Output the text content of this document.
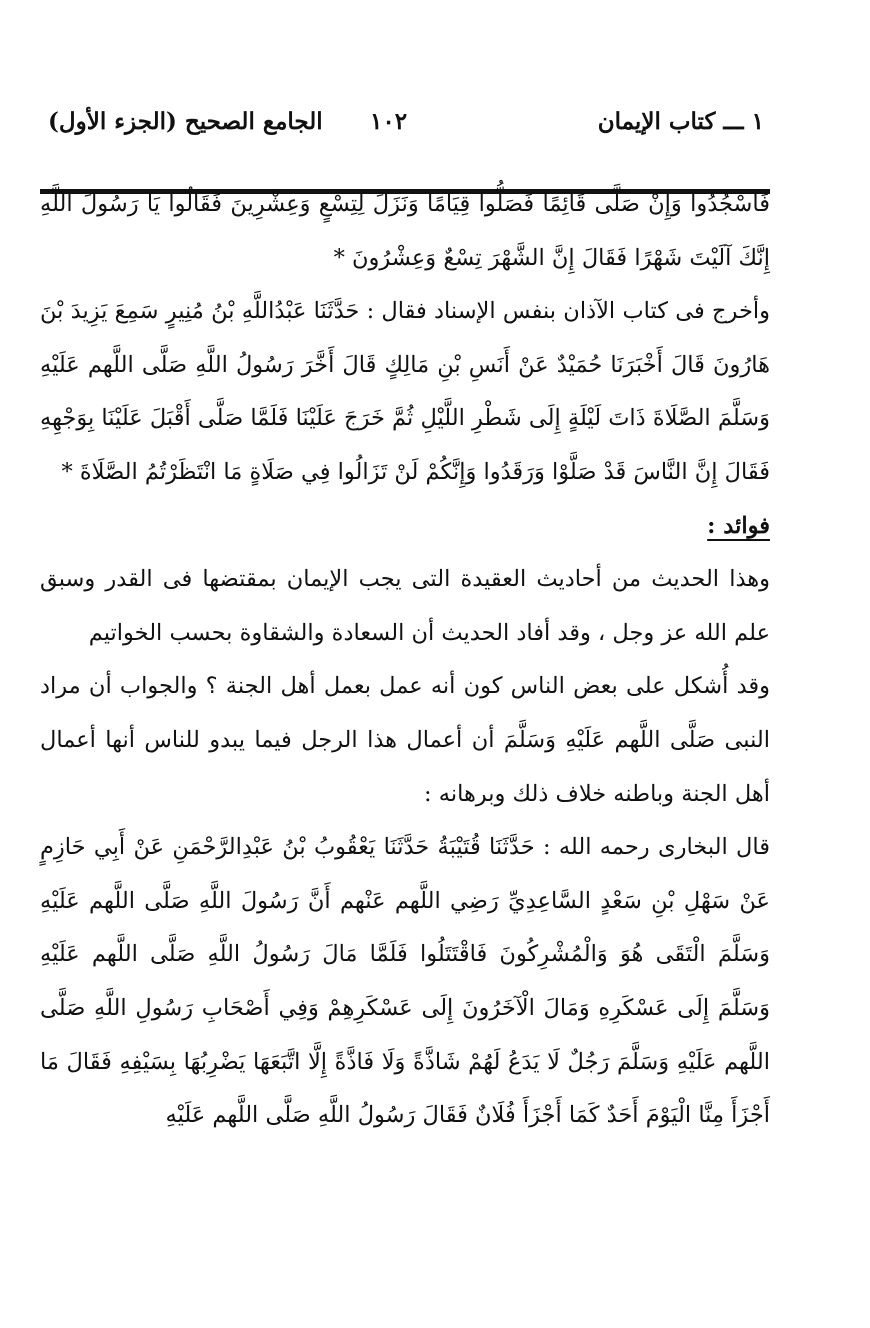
١ ـــ كتاب الإيمان
١٠٢
الجامع الصحيح (الجزء الأول)

فَاسْجُدُوا وَإِنْ صَلَّى قَائِمًا فَصَلُّوا قِيَامًا وَنَزَلَ لِتِسْعٍ وَعِشْرِينَ فَقَالُوا يَا رَسُولَ اللَّهِ إِنَّكَ آلَيْتَ شَهْرًا فَقَالَ إِنَّ الشَّهْرَ تِسْعٌ وَعِشْرُونَ *

وأخرج فى كتاب الآذان بنفس الإسناد فقال : حَدَّثَنَا عَبْدُاللَّهِ بْنُ مُنِيرٍ سَمِعَ يَزِيدَ بْنَ هَارُونَ قَالَ أَخْبَرَنَا حُمَيْدٌ عَنْ أَنَسِ بْنِ مَالِكٍ قَالَ أَخَّرَ رَسُولُ اللَّهِ صَلَّى اللَّهم عَلَيْهِ وَسَلَّمَ الصَّلَاةَ ذَاتَ لَيْلَةٍ إِلَى شَطْرِ اللَّيْلِ ثُمَّ خَرَجَ عَلَيْنَا فَلَمَّا صَلَّى أَقْبَلَ عَلَيْنَا بِوَجْهِهِ فَقَالَ إِنَّ النَّاسَ قَدْ صَلَّوْا وَرَقَدُوا وَإِنَّكُمْ لَنْ تَزَالُوا فِي صَلَاةٍ مَا انْتَظَرْتُمُ الصَّلَاةَ *

فوائد :

وهذا الحديث من أحاديث العقيدة التى يجب الإيمان بمقتضها فى القدر وسبق علم الله عز وجل ، وقد أفاد الحديث أن السعادة والشقاوة بحسب الخواتيم

وقد أُشكل على بعض الناس كون أنه عمل بعمل أهل الجنة ؟ والجواب أن مراد النبى صَلَّى اللَّهم عَلَيْهِ وَسَلَّمَ أن أعمال هذا الرجل فيما يبدو للناس أنها أعمال أهل الجنة وباطنه خلاف ذلك وبرهانه :

قال البخارى رحمه الله : حَدَّثَنَا قُتَيْبَةُ حَدَّثَنَا يَعْقُوبُ بْنُ عَبْدِالرَّحْمَنِ عَنْ أَبِي حَازِمٍ عَنْ سَهْلِ بْنِ سَعْدٍ السَّاعِدِيِّ رَضِي اللَّهم عَنْهم أَنَّ رَسُولَ اللَّهِ صَلَّى اللَّهم عَلَيْهِ وَسَلَّمَ الْتَقَى هُوَ وَالْمُشْرِكُونَ فَاقْتَتَلُوا فَلَمَّا مَالَ رَسُولُ اللَّهِ صَلَّى اللَّهم عَلَيْهِ وَسَلَّمَ إِلَى عَسْكَرِهِ وَمَالَ الْآخَرُونَ إِلَى عَسْكَرِهِمْ وَفِي أَصْحَابِ رَسُولِ اللَّهِ صَلَّى اللَّهم عَلَيْهِ وَسَلَّمَ رَجُلٌ لَا يَدَعُ لَهُمْ شَاذَّةً وَلَا فَاذَّةً إِلَّا اتَّبَعَهَا يَضْرِبُهَا بِسَيْفِهِ فَقَالَ مَا أَجْزَأَ مِنَّا الْيَوْمَ أَحَدٌ كَمَا أَجْزَأَ فُلَانٌ فَقَالَ رَسُولُ اللَّهِ صَلَّى اللَّهم عَلَيْهِ
